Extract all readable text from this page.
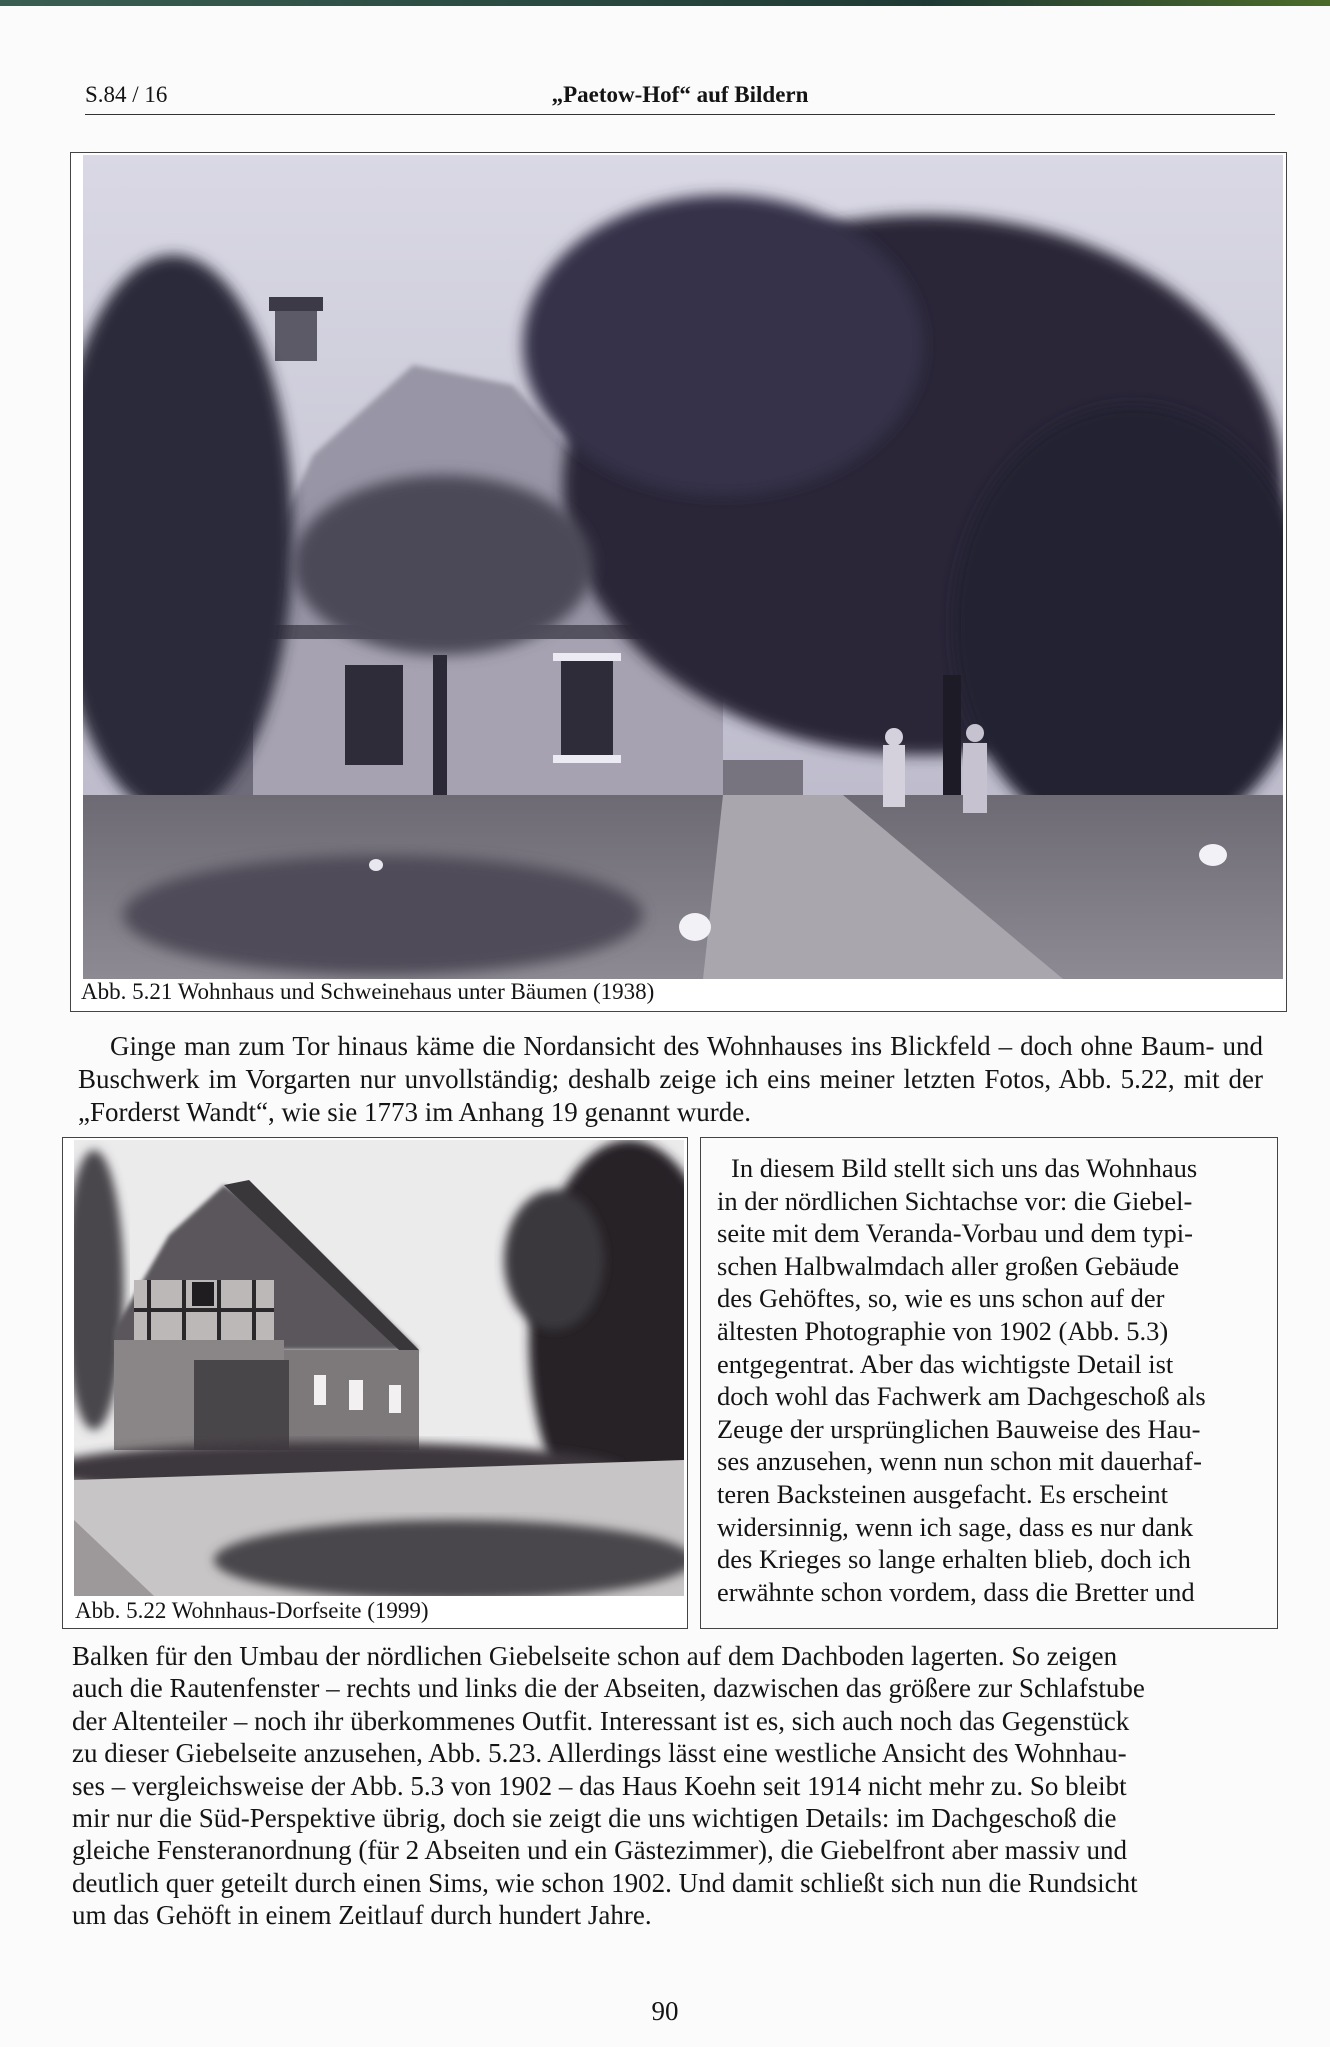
S.84 / 16	„Paetow-Hof“ auf Bildern
Abb. 5.21 Wohnhaus und Schweinehaus unter Bäumen (1938)

Ginge man zum Tor hinaus käme die Nordansicht des Wohnhauses ins Blickfeld – doch ohne Baum- und Buschwerk im Vorgarten nur unvollständig; deshalb zeige ich eins meiner letzten Fotos, Abb. 5.22, mit der „Forderst Wandt“, wie sie 1773 im Anhang 19 genannt wurde.

Abb. 5.22 Wohnhaus-Dorfseite (1999)

In diesem Bild stellt sich uns das Wohnhaus
in der nördlichen Sichtachse vor: die Giebel-
seite mit dem Veranda-Vorbau und dem typi-
schen Halbwalmdach aller großen Gebäude
des Gehöftes, so, wie es uns schon auf der
ältesten Photographie von 1902 (Abb. 5.3)
entgegentrat. Aber das wichtigste Detail ist
doch wohl das Fachwerk am Dachgeschoß als
Zeuge der ursprünglichen Bauweise des Hau-
ses anzusehen, wenn nun schon mit dauerhaf-
teren Backsteinen ausgefacht. Es erscheint
widersinnig, wenn ich sage, dass es nur dank
des Krieges so lange erhalten blieb, doch ich
erwähnte schon vordem, dass die Bretter und

Balken für den Umbau der nördlichen Giebelseite schon auf dem Dachboden lagerten. So zeigen
auch die Rautenfenster – rechts und links die der Abseiten, dazwischen das größere zur Schlafstube
der Altenteiler – noch ihr überkommenes Outfit. Interessant ist es, sich auch noch das Gegenstück
zu dieser Giebelseite anzusehen, Abb. 5.23. Allerdings lässt eine westliche Ansicht des Wohnhau-
ses – vergleichsweise der Abb. 5.3 von 1902 – das Haus Koehn seit 1914 nicht mehr zu. So bleibt
mir nur die Süd-Perspektive übrig, doch sie zeigt die uns wichtigen Details: im Dachgeschoß die
gleiche Fensteranordnung (für 2 Abseiten und ein Gästezimmer), die Giebelfront aber massiv und
deutlich quer geteilt durch einen Sims, wie schon 1902. Und damit schließt sich nun die Rundsicht
um das Gehöft in einem Zeitlauf durch hundert Jahre.
90
